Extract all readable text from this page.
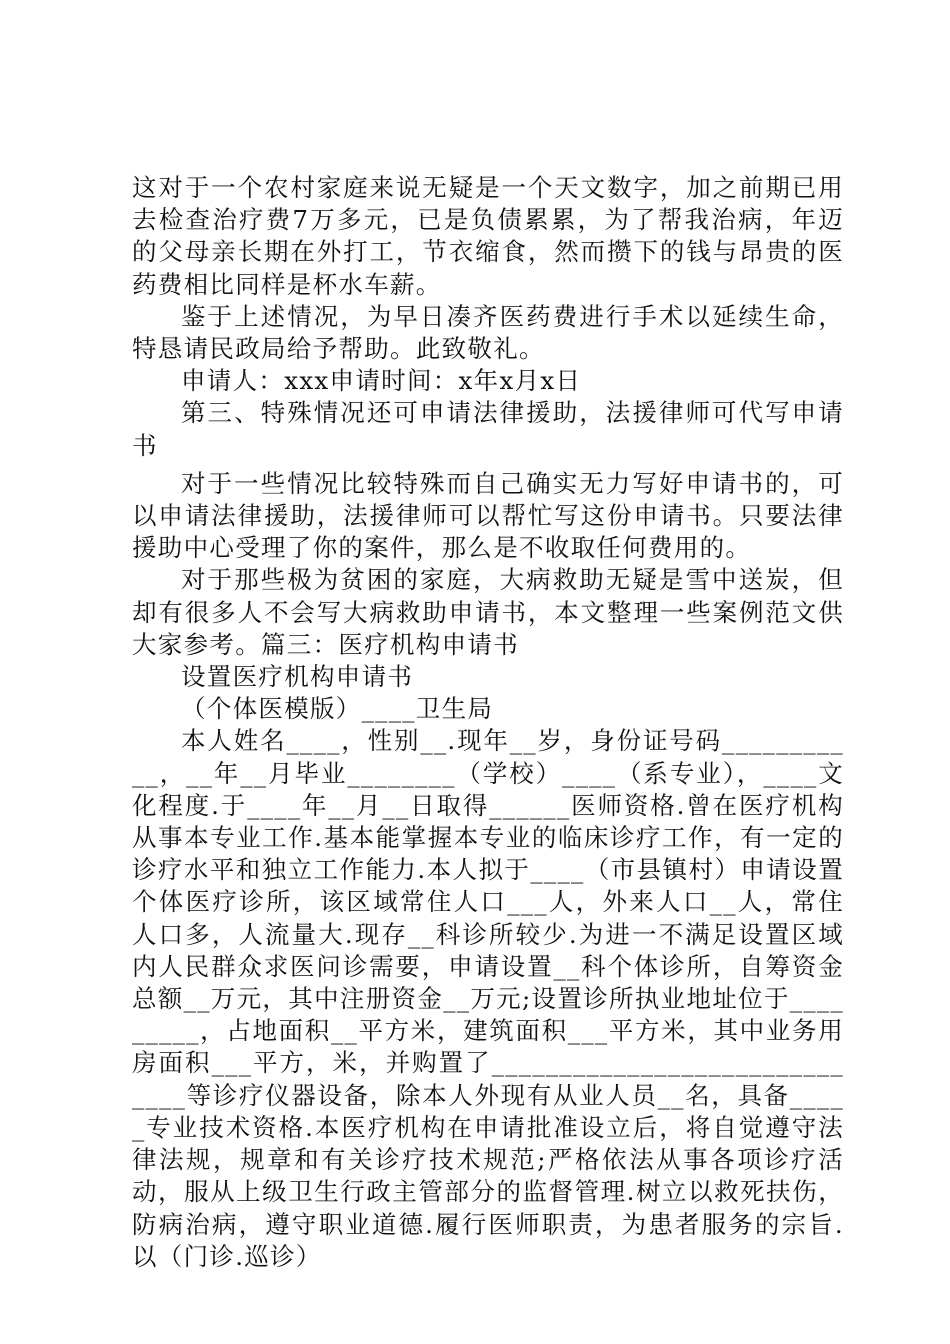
这对于一个农村家庭来说无疑是一个天文数字，加之前期已用去检查治疗费7万多元，已是负债累累，为了帮我治病，年迈的父母亲长期在外打工，节衣缩食，然而攒下的钱与昂贵的医药费相比同样是杯水车薪。

鉴于上述情况，为早日凑齐医药费进行手术以延续生命，特恳请民政局给予帮助。此致敬礼。

申请人：xxx申请时间：x年x月x日

第三、特殊情况还可申请法律援助，法援律师可代写申请书

对于一些情况比较特殊而自己确实无力写好申请书的，可以申请法律援助，法援律师可以帮忙写这份申请书。只要法律援助中心受理了你的案件，那么是不收取任何费用的。

对于那些极为贫困的家庭，大病救助无疑是雪中送炭，但却有很多人不会写大病救助申请书，本文整理一些案例范文供大家参考。篇三：医疗机构申请书

设置医疗机构申请书

（个体医模版）____卫生局

本人姓名____，性别__.现年__岁，身份证号码___________，__年__月毕业________（学校）____（系专业），____文化程度.于____年__月__日取得______医师资格.曾在医疗机构从事本专业工作.基本能掌握本专业的临床诊疗工作，有一定的诊疗水平和独立工作能力.本人拟于____（市县镇村）申请设置个体医疗诊所，该区域常住人口___人，外来人口__人，常住人口多，人流量大.现存__科诊所较少.为进一不满足设置区域内人民群众求医问诊需要，申请设置__科个体诊所，自筹资金总额__万元，其中注册资金__万元;设置诊所执业地址位于_________，占地面积__平方米，建筑面积___平方米，其中业务用房面积___平方，米，并购置了______________________________等诊疗仪器设备，除本人外现有从业人员__名，具备_____专业技术资格.本医疗机构在申请批准设立后，将自觉遵守法律法规，规章和有关诊疗技术规范;严格依法从事各项诊疗活动，服从上级卫生行政主管部分的监督管理.树立以救死扶伤，防病治病，遵守职业道德.履行医师职责，为患者服务的宗旨.以（门诊.巡诊）
